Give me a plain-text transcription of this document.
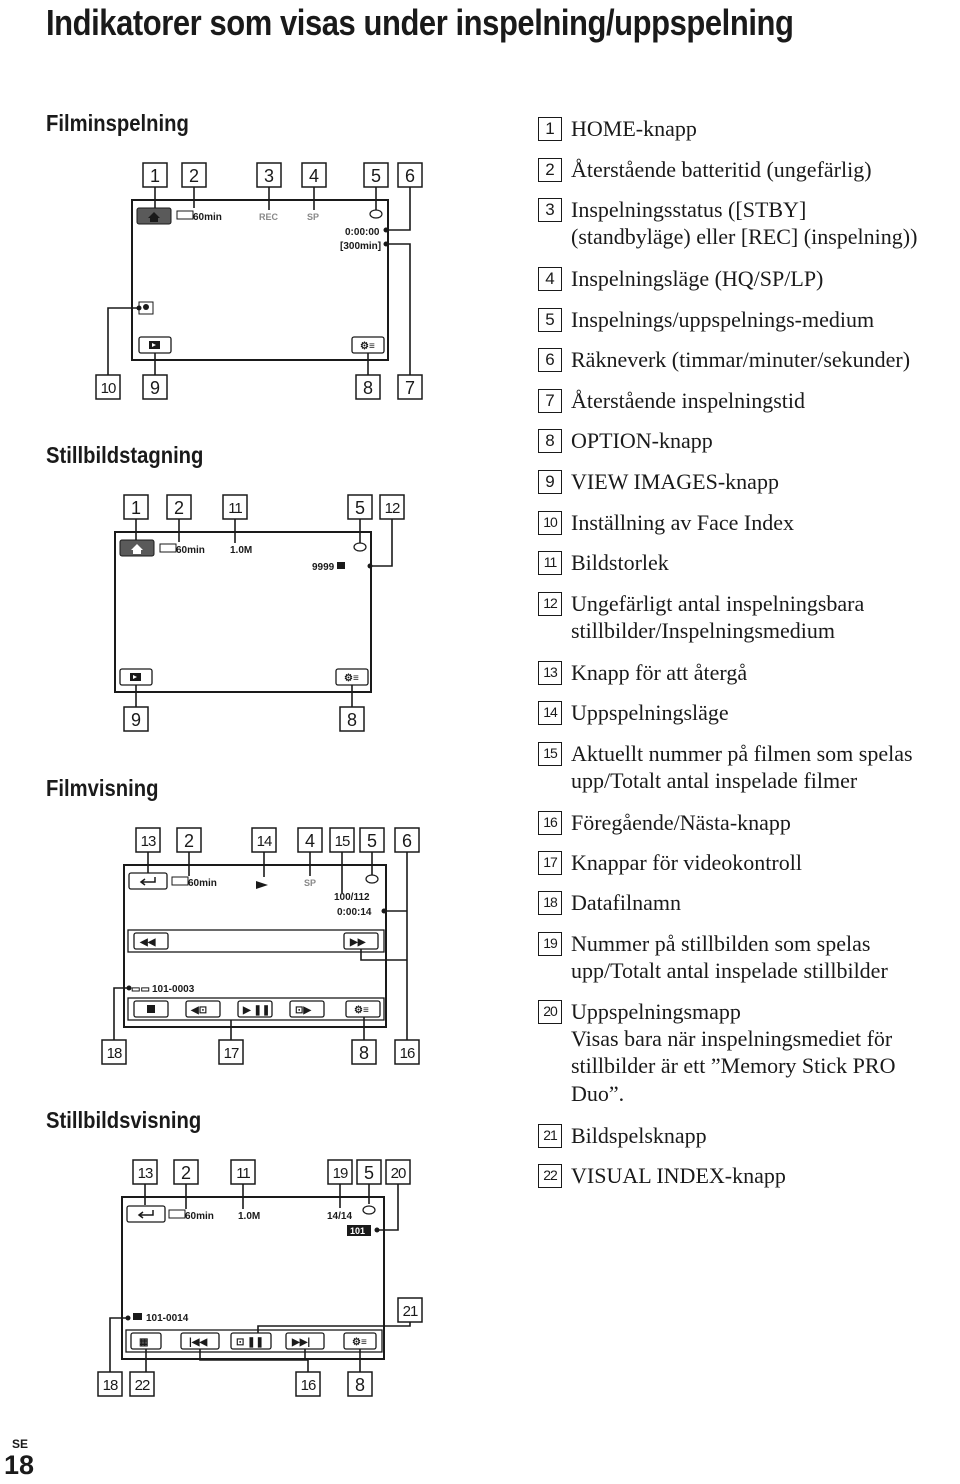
Indikatorer som visas under inspelning/uppspelning
Filminspelning
Stillbildstagning
Filmvisning
Stillbildsvisning
1 2	3 4	5 6
60min	REC	SP
0:00:00
[300min]
⚙≡
10 9	8 7
1 2	11	5 12
60min	1.0M
9999
⚙≡
9	8
13 2	14 4 15 5 6
60min	SP
100/112
0:00:14
◀◀	▶▶
▭▭ 101-0003
◀⊡	▶ ❚❚ ⊡▶	⚙≡
18	17	8 16
13 2	11	19 5 20
60min 1.0M	14/14
101
101-0014
▦	|◀◀	⊡ ❚❚	▶▶|	⚙≡
21
18 22	16 8
1 HOME-knapp
2 Återstående batteritid (ungefärlig)
3 Inspelningsstatus ([STBY]
(standbyläge) eller [REC] (inspelning))
4 Inspelningsläge (HQ/SP/LP)
5 Inspelnings/uppspelnings-medium
6 Räkneverk (timmar/minuter/sekunder)
7 Återstående inspelningstid
8 OPTION-knapp
9 VIEW IMAGES-knapp
10 Inställning av Face Index
11 Bildstorlek
12 Ungefärligt antal inspelningsbara
stillbilder/Inspelningsmedium
13 Knapp för att återgå
14 Uppspelningsläge
15 Aktuellt nummer på filmen som spelas
upp/Totalt antal inspelade filmer
16 Föregående/Nästa-knapp
17 Knappar för videokontroll
18 Datafilnamn
19 Nummer på stillbilden som spelas
upp/Totalt antal inspelade stillbilder
20 Uppspelningsmapp
Visas bara när inspelningsmediet för
stillbilder är ett ”Memory Stick PRO
Duo”.
21 Bildspelsknapp
22 VISUAL INDEX-knapp
SE
18
